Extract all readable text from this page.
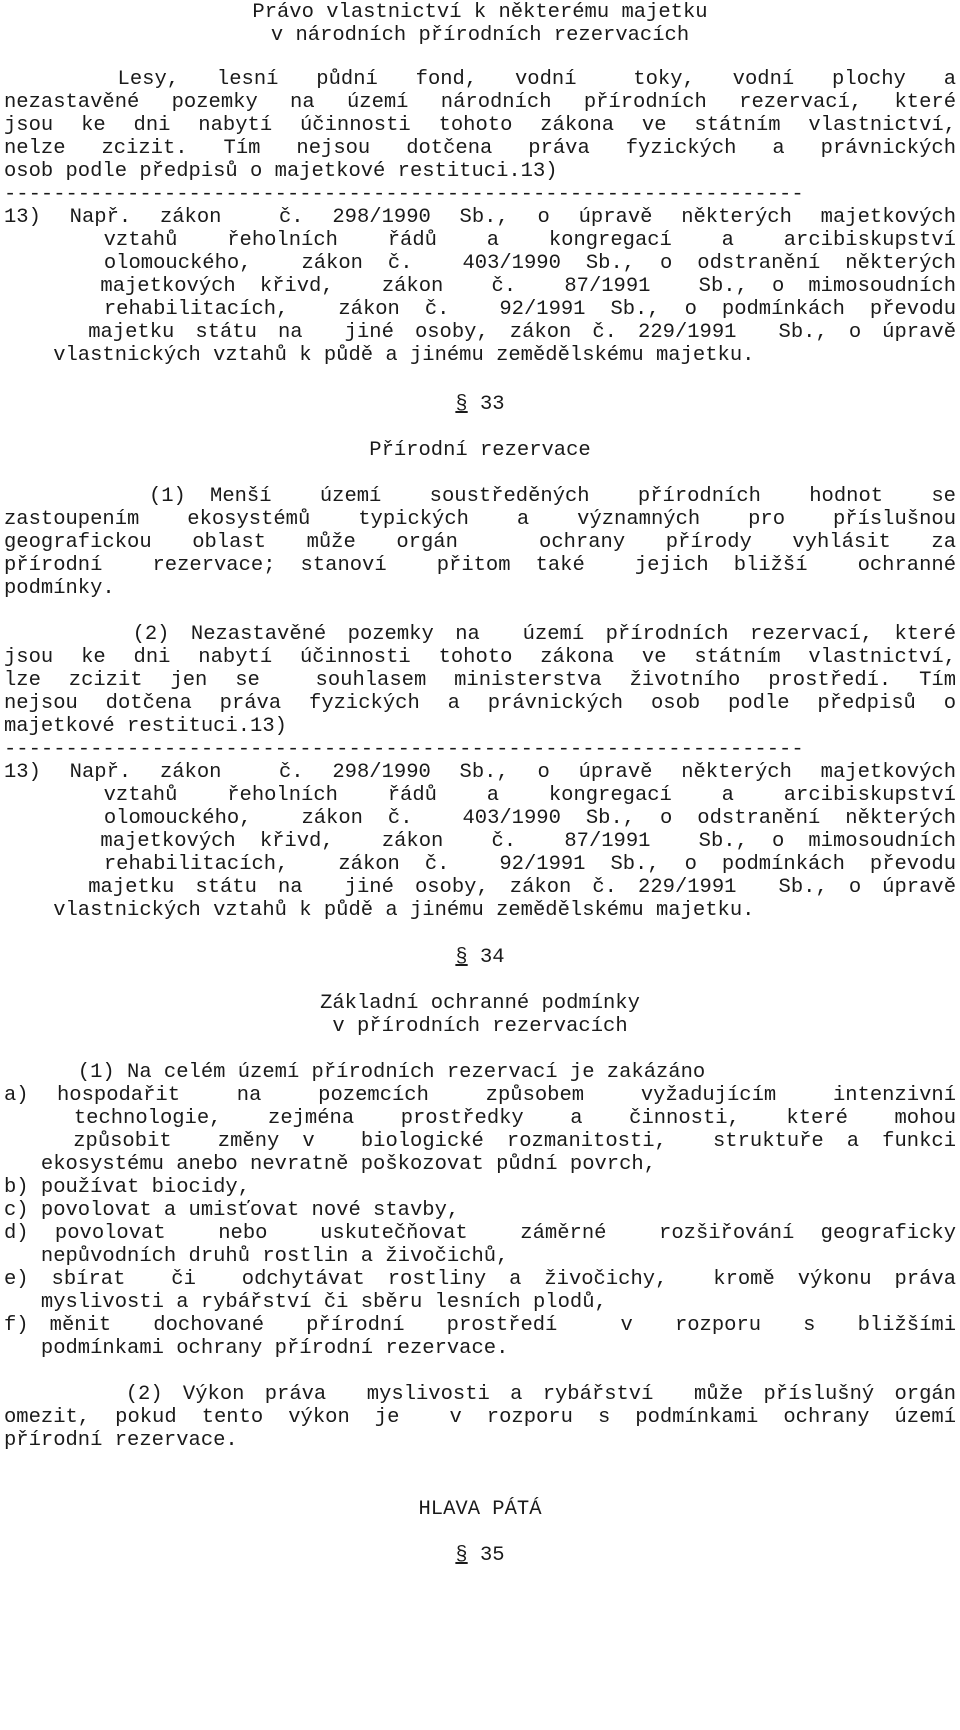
Právo vlastnictví k některému majetku
v národních přírodních rezervacích
Lesy,  lesní  půdní  fond,  vodní   toky,  vodní  plochy  a
nezastavěné pozemky na území národních přírodních rezervací, které
jsou ke dni nabytí účinnosti tohoto zákona ve státním vlastnictví,
nelze  zcizit.  Tím  nejsou  dotčena  práva  fyzických  a  právnických
osob podle předpisů o majetkové restituci.13)
-----------------------------------------------------------------
13) Např. zákon  č. 298/1990 Sb., o úpravě některých majetkových
vztahů  řeholních  řádů  a  kongregací  a  arcibiskupství
olomouckého,  zákon č.  403/1990 Sb., o odstranění některých
majetkových křivd,  zákon  č.  87/1991  Sb., o mimosoudních
rehabilitacích,  zákon č.  92/1991 Sb., o podmínkách převodu
majetku státu na  jiné osoby, zákon č. 229/1991  Sb., o úpravě
vlastnických vztahů k půdě a jinému zemědělskému majetku.
§ 33
Přírodní rezervace
(1) Menší  území  soustředěných  přírodních  hodnot  se
zastoupením ekosystémů typických a významných pro příslušnou
geografickou oblast může orgán  ochrany přírody vyhlásit za
přírodní  rezervace; stanoví  přitom také  jejich bližší  ochranné
podmínky.
(2) Nezastavěné pozemky na  území přírodních rezervací, které
jsou ke dni nabytí účinnosti tohoto zákona ve státním vlastnictví,
lze zcizit jen se  souhlasem ministerstva životního prostředí. Tím
nejsou dotčena práva fyzických a právnických osob podle předpisů o
majetkové restituci.13)
-----------------------------------------------------------------
13) Např. zákon  č. 298/1990 Sb., o úpravě některých majetkových
vztahů  řeholních  řádů  a  kongregací  a  arcibiskupství
olomouckého,  zákon č.  403/1990 Sb., o odstranění některých
majetkových křivd,  zákon  č.  87/1991  Sb., o mimosoudních
rehabilitacích,  zákon č.  92/1991 Sb., o podmínkách převodu
majetku státu na  jiné osoby, zákon č. 229/1991  Sb., o úpravě
vlastnických vztahů k půdě a jinému zemědělskému majetku.
§ 34
Základní ochranné podmínky
v přírodních rezervacích
(1) Na celém území přírodních rezervací je zakázáno
a) hospodařit  na  pozemcích  způsobem  vyžadujícím  intenzivní
technologie,  zejména  prostředky  a  činnosti,  které  mohou
způsobit  změny v  biologické rozmanitosti,  struktuře a funkci
ekosystému anebo nevratně poškozovat půdní povrch,
b) používat biocidy,
c) povolovat a umisťovat nové stavby,
d) povolovat  nebo  uskutečňovat  záměrné  rozšiřování geograficky
nepůvodních druhů rostlin a živočichů,
e) sbírat  či  odchytávat rostliny a živočichy,  kromě výkonu práva
myslivosti a rybářství či sběru lesních plodů,
f) měnit  dochované  přírodní  prostředí   v  rozporu  s  bližšími
podmínkami ochrany přírodní rezervace.
(2) Výkon práva  myslivosti a rybářství  může příslušný orgán
omezit, pokud tento výkon je  v rozporu s podmínkami ochrany území
přírodní rezervace.
HLAVA PÁTÁ
§ 35
